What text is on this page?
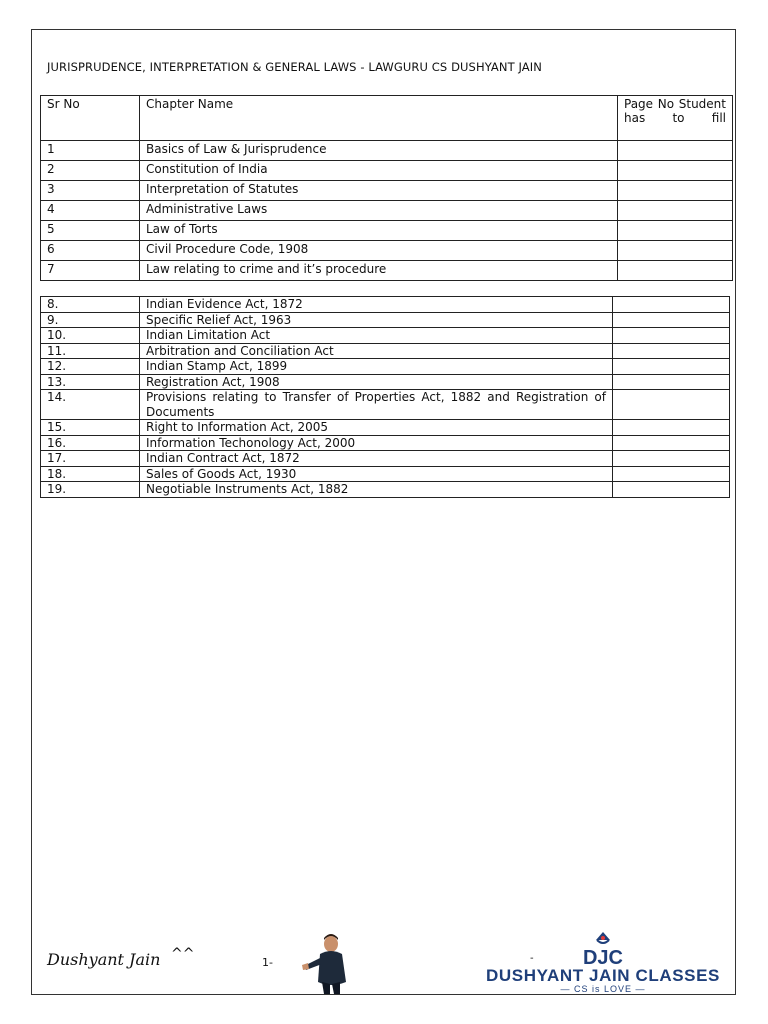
JURISPRUDENCE, INTERPRETATION & GENERAL LAWS - LAWGURU CS DUSHYANT JAIN
Sr No	Chapter Name	Page No Student has to fill
1	Basics of Law & Jurisprudence	
2	Constitution of India	
3	Interpretation of Statutes	
4	Administrative Laws	
5	Law of Torts	
6	Civil Procedure Code, 1908	
7	Law relating to crime and it’s procedure	
8.	Indian Evidence Act, 1872	
9.	Specific Relief Act, 1963	
10.	Indian Limitation Act	
11.	Arbitration and Conciliation Act	
12.	Indian Stamp Act, 1899	
13.	Registration Act, 1908	
14.	Provisions relating to Transfer of Properties Act, 1882 and Registration of Documents	
15.	Right to Information Act, 2005	
16.	Information Techonology Act, 2000	
17.	Indian Contract Act, 1872	
18.	Sales of Goods Act, 1930	
19.	Negotiable Instruments Act, 1882	
Dushyant Jain ^^
1-	- DJC
DUSHYANT JAIN CLASSES
— CS is LOVE —
